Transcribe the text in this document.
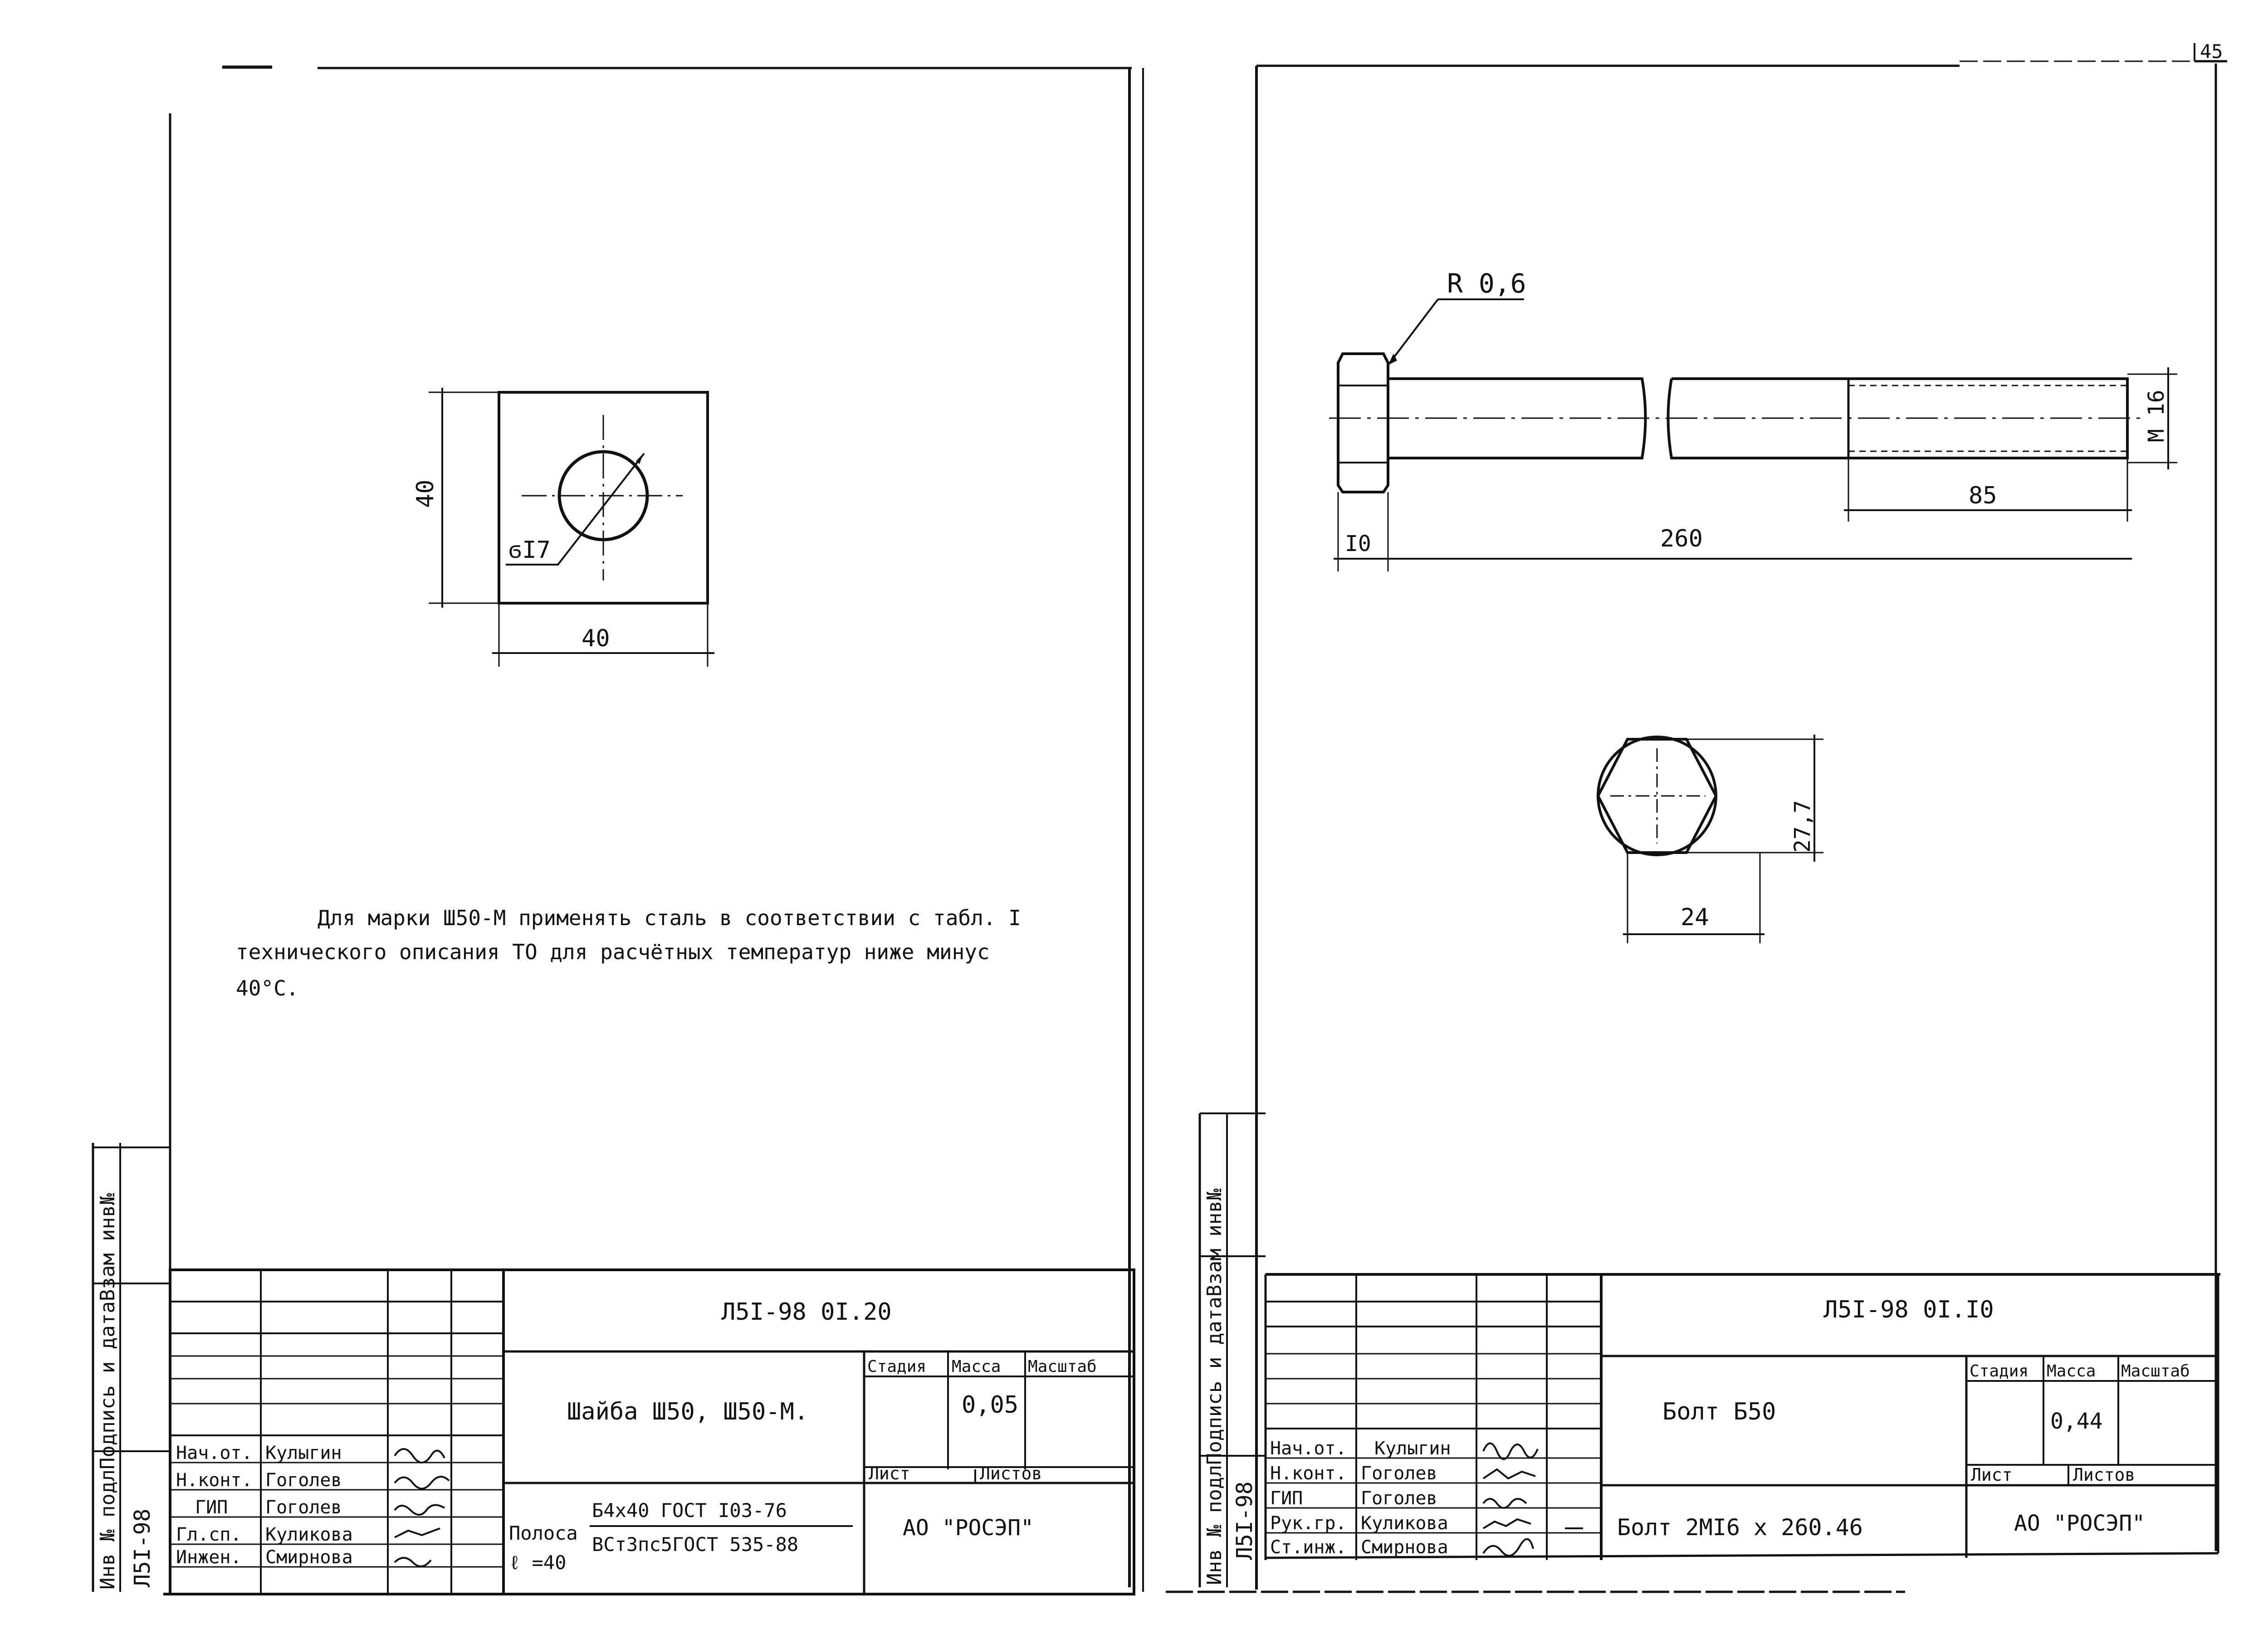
45
ϭI7
40
40
Для марки Ш50-М применять сталь в соответствии с табл. I
технического описания ТО для расчётных температур ниже минус
40°С.
Инв № подлПодпись и датаВзам инв№ Л5I-98
Л5I-98 0I.20
Шайба Ш50, Ш50-М.
Стадия Масса Масштаб
0,05
Лист	Листов
АО "РОСЭП"
Полоса
Б4х40 ГОСТ I03-76
ВСт3пс5ГОСТ 535-88
ℓ =40
Нач.от. Кулыгин
Н.конт. Гоголев
ГИП Гоголев
Гл.сп. Куликова
Инжен. Смирнова
R 0,6
М 16
85
I0	260
27,7
24
Инв № подлПодпись и датаВзам инв№ Л5I-98
Л5I-98 0I.I0
Болт Б50
Болт 2МI6 х 260.46
Стадия Масса Масштаб
0,44
Лист	Листов
АО "РОСЭП"
Нач.от. Кулыгин
Н.конт. Гоголев
ГИП	Гоголев
Рук.гр. Куликова
Ст.инж. Смирнова
